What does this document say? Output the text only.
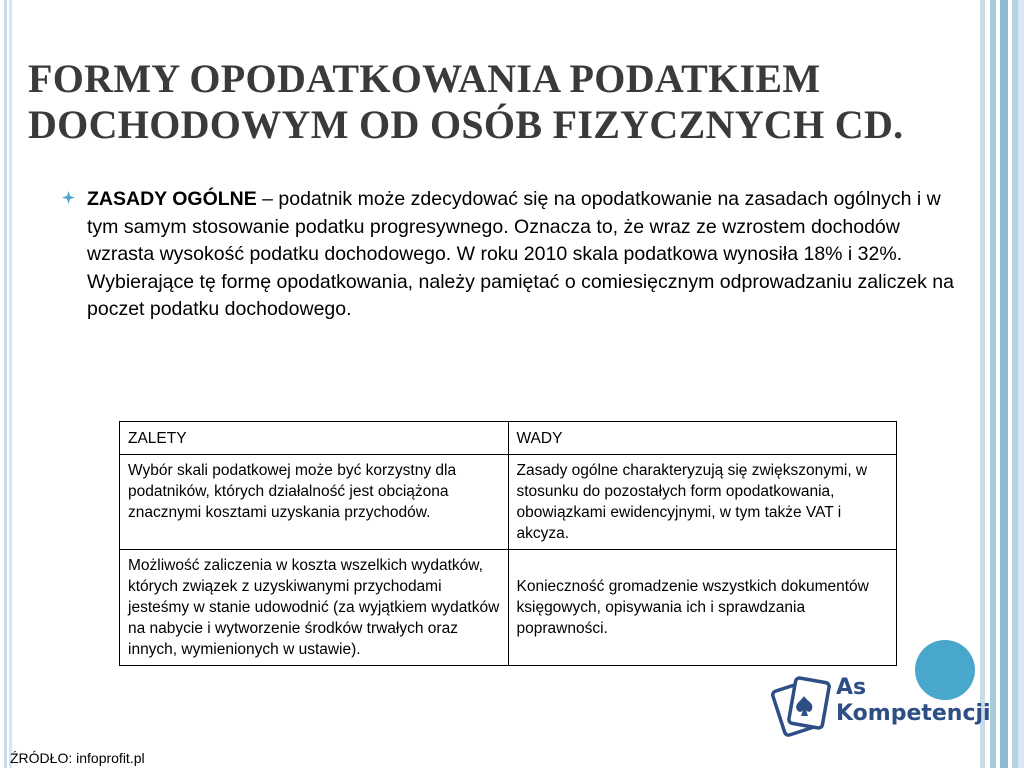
FORMY OPODATKOWANIA PODATKIEM DOCHODOWYM OD OSÓB FIZYCZNYCH CD.

ZASADY OGÓLNE – podatnik może zdecydować się na opodatkowanie na zasadach ogólnych i w tym samym stosowanie podatku progresywnego. Oznacza to, że wraz ze wzrostem dochodów wzrasta wysokość podatku dochodowego. W roku 2010 skala podatkowa wynosiła 18% i 32%. Wybierające tę formę opodatkowania, należy pamiętać o comiesięcznym odprowadzaniu zaliczek na poczet podatku dochodowego.

ZALETY	WADY
Wybór skali podatkowej może być korzystny dla podatników, których działalność jest obciążona znacznymi kosztami uzyskania przychodów.	Zasady ogólne charakteryzują się zwiększonymi, w stosunku do pozostałych form opodatkowania, obowiązkami ewidencyjnymi, w tym także VAT i akcyza.
Możliwość zaliczenia w koszta wszelkich wydatków, których związek z uzyskiwanymi przychodami jesteśmy w stanie udowodnić (za wyjątkiem wydatków na nabycie i wytworzenie środków trwałych oraz innych, wymienionych w ustawie).	Konieczność gromadzenie wszystkich dokumentów księgowych, opisywania ich i sprawdzania poprawności.
As
Kompetencji
ŹRÓDŁO: infoprofit.pl
